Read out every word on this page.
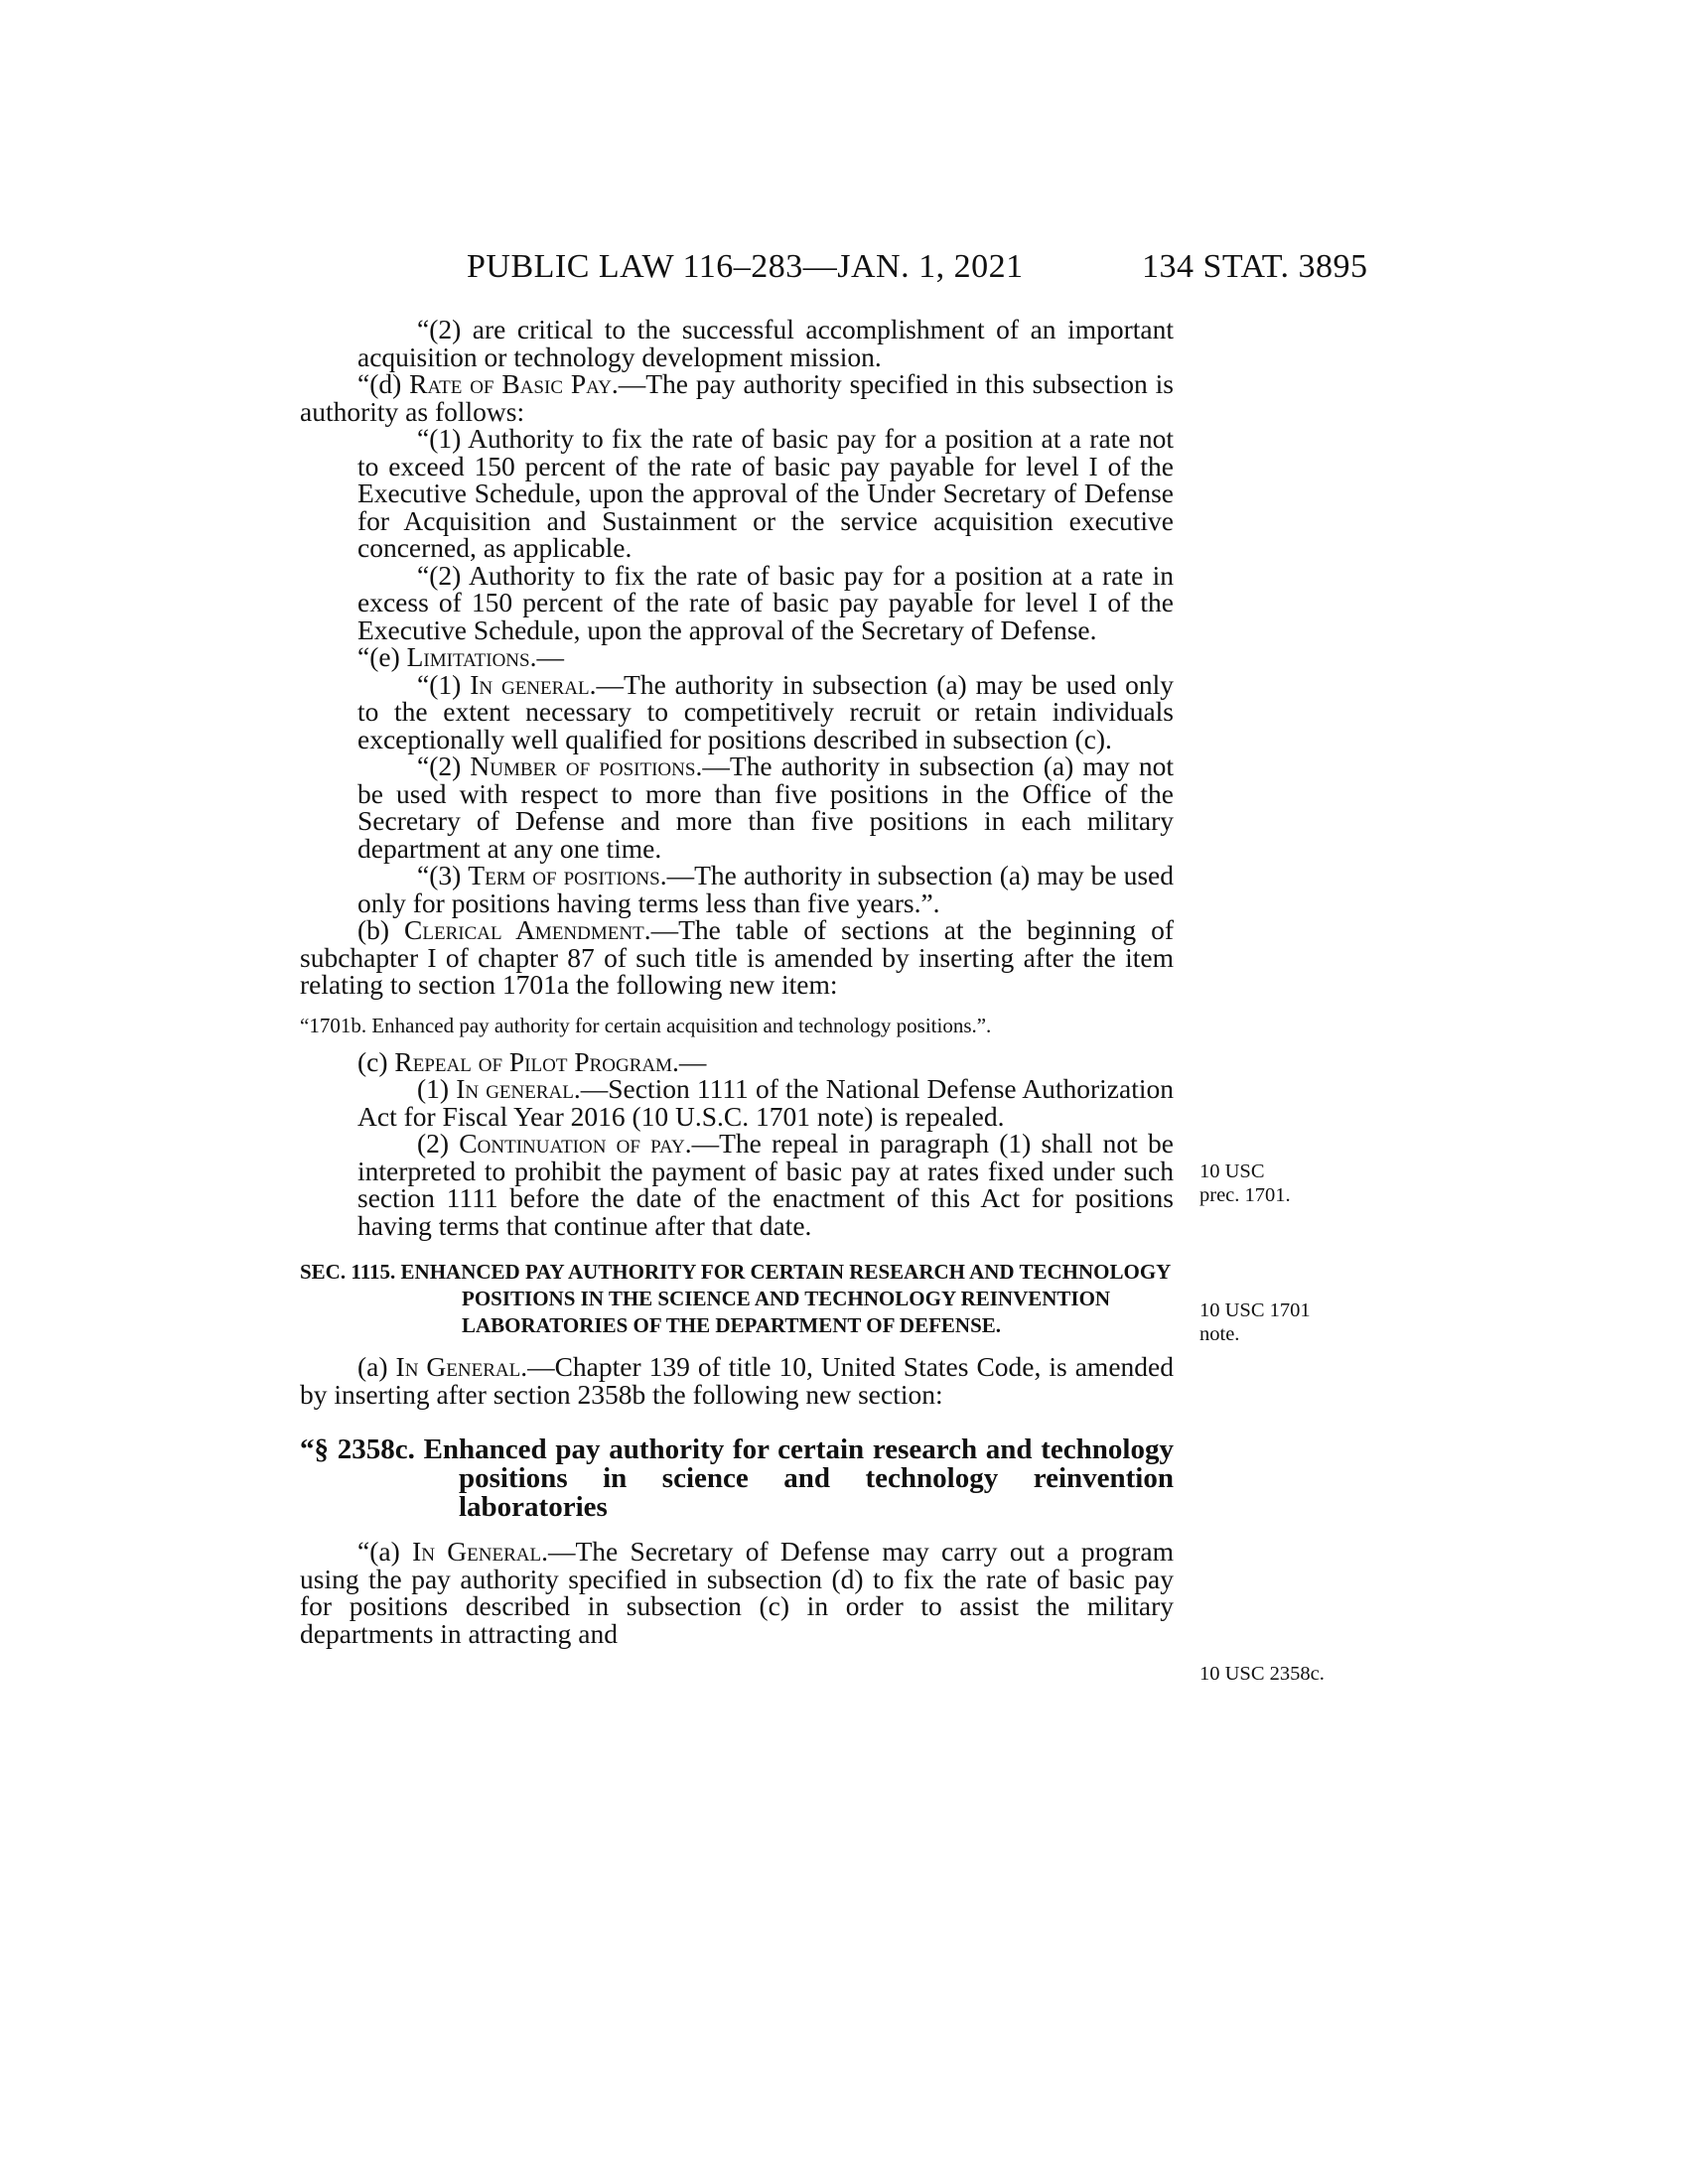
PUBLIC LAW 116–283—JAN. 1, 2021	134 STAT. 3895

“(2) are critical to the successful accomplishment of an important acquisition or technology development mission.

“(d) Rate of Basic Pay.—The pay authority specified in this subsection is authority as follows:

“(1) Authority to fix the rate of basic pay for a position at a rate not to exceed 150 percent of the rate of basic pay payable for level I of the Executive Schedule, upon the approval of the Under Secretary of Defense for Acquisition and Sustainment or the service acquisition executive concerned, as applicable.

“(2) Authority to fix the rate of basic pay for a position at a rate in excess of 150 percent of the rate of basic pay payable for level I of the Executive Schedule, upon the approval of the Secretary of Defense.

“(e) Limitations.—

“(1) In general.—The authority in subsection (a) may be used only to the extent necessary to competitively recruit or retain individuals exceptionally well qualified for positions described in subsection (c).

“(2) Number of positions.—The authority in subsection (a) may not be used with respect to more than five positions in the Office of the Secretary of Defense and more than five positions in each military department at any one time.

“(3) Term of positions.—The authority in subsection (a) may be used only for positions having terms less than five years.”.

(b) Clerical Amendment.—The table of sections at the beginning of subchapter I of chapter 87 of such title is amended by inserting after the item relating to section 1701a the following new item:

“1701b. Enhanced pay authority for certain acquisition and technology positions.”.

(c) Repeal of Pilot Program.—

(1) In general.—Section 1111 of the National Defense Authorization Act for Fiscal Year 2016 (10 U.S.C. 1701 note) is repealed.

(2) Continuation of pay.—The repeal in paragraph (1) shall not be interpreted to prohibit the payment of basic pay at rates fixed under such section 1111 before the date of the enactment of this Act for positions having terms that continue after that date.

SEC. 1115. ENHANCED PAY AUTHORITY FOR CERTAIN RESEARCH AND TECHNOLOGY POSITIONS IN THE SCIENCE AND TECHNOLOGY REINVENTION LABORATORIES OF THE DEPARTMENT OF DEFENSE.

(a) In General.—Chapter 139 of title 10, United States Code, is amended by inserting after section 2358b the following new section:

“§ 2358c. Enhanced pay authority for certain research and technology positions in science and technology reinvention laboratories

“(a) In General.—The Secretary of Defense may carry out a program using the pay authority specified in subsection (d) to fix the rate of basic pay for positions described in subsection (c) in order to assist the military departments in attracting and

10 USC
prec. 1701.
10 USC 1701
note.
10 USC 2358c.
